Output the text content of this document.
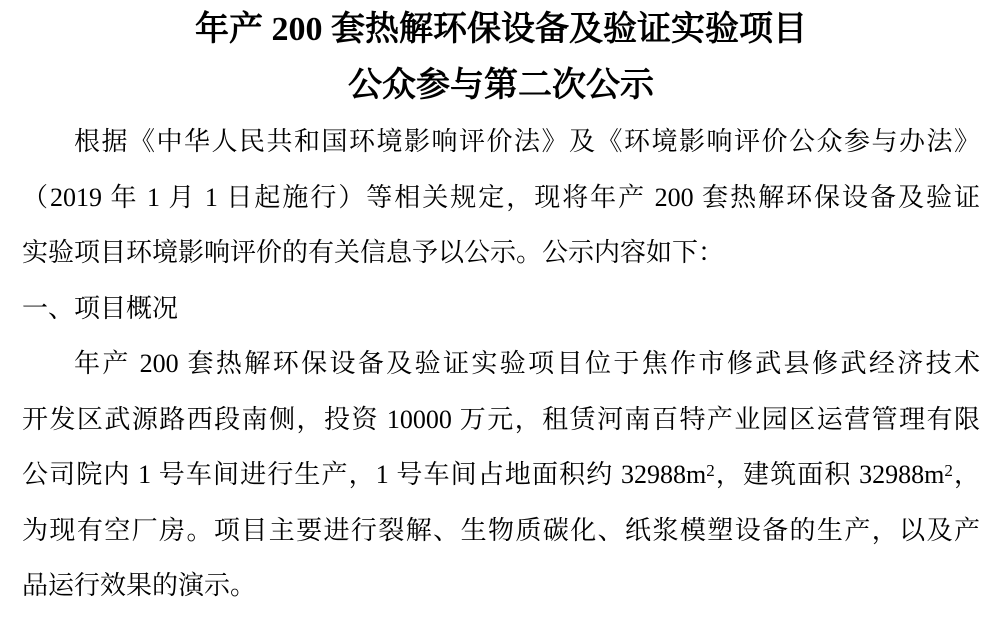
年产 200 套热解环保设备及验证实验项目
公众参与第二次公示
根据《中华人民共和国环境影响评价法》及《环境影响评价公众参与办法》
（2019 年 1 月 1 日起施行）等相关规定，现将年产 200 套热解环保设备及验证
实验项目环境影响评价的有关信息予以公示。公示内容如下：
一、项目概况
年产 200 套热解环保设备及验证实验项目位于焦作市修武县修武经济技术
开发区武源路西段南侧，投资 10000 万元，租赁河南百特产业园区运营管理有限
公司院内 1 号车间进行生产，1 号车间占地面积约 $32988m^2$，建筑面积 $32988m^2$，
为现有空厂房。项目主要进行裂解、生物质碳化、纸浆模塑设备的生产，以及产
品运行效果的演示。
